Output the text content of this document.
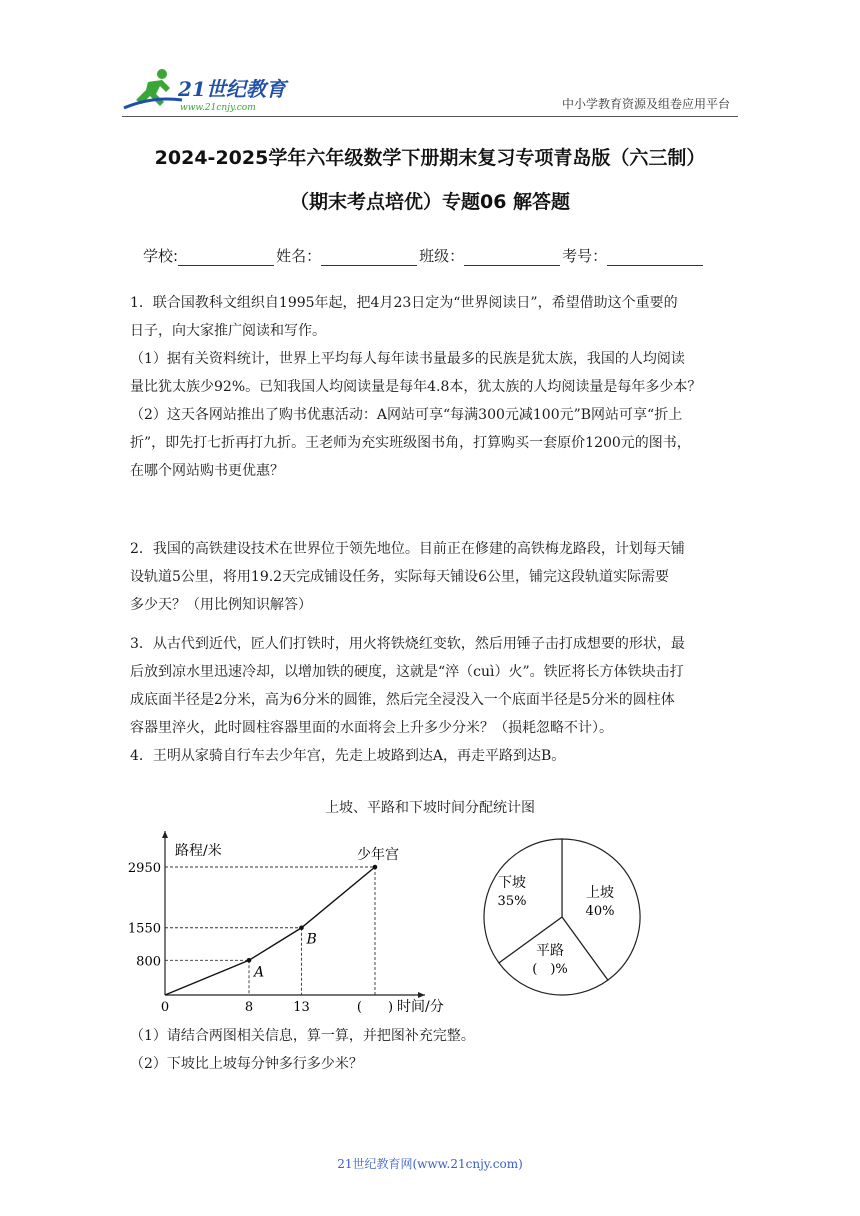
21世纪教育
www.21cnjy.com	中小学教育资源及组卷应用平台
2024-2025学年六年级数学下册期末复习专项青岛版（六三制）
（期末考点培优）专题06 解答题
学校:	姓名：	班级：	考号：
1．联合国教科文组织自1995年起，把4月23日定为“世界阅读日”，希望借助这个重要的
日子，向大家推广阅读和写作。
（1）据有关资料统计，世界上平均每人每年读书量最多的民族是犹太族，我国的人均阅读
量比犹太族少92%。已知我国人均阅读量是每年4.8本，犹太族的人均阅读量是每年多少本？
（2）这天各网站推出了购书优惠活动：A网站可享“每满300元减100元”B网站可享“折上
折”，即先打七折再打九折。王老师为充实班级图书角，打算购买一套原价1200元的图书，
在哪个网站购书更优惠？
2．我国的高铁建设技术在世界位于领先地位。目前正在修建的高铁梅龙路段，计划每天铺
设轨道5公里，将用19.2天完成铺设任务，实际每天铺设6公里，铺完这段轨道实际需要
多少天？（用比例知识解答）
3．从古代到近代，匠人们打铁时，用火将铁烧红变软，然后用锤子击打成想要的形状，最
后放到凉水里迅速冷却，以增加铁的硬度，这就是“淬（cuì）火”。铁匠将长方体铁块击打
成底面半径是2分米，高为6分米的圆锥，然后完全浸没入一个底面半径是5分米的圆柱体
容器里淬火，此时圆柱容器里面的水面将会上升多少分米？（损耗忽略不计）。
4．王明从家骑自行车去少年宫，先走上坡路到达A，再走平路到达B。
上坡、平路和下坡时间分配统计图
路程/米
A
B
少年宫
800
1550
2950
0	8	13	(　　) 时间/分
上坡
40%
平路
(　)%
下坡
35%
（1）请结合两图相关信息，算一算，并把图补充完整。
（2）下坡比上坡每分钟多行多少米？
21世纪教育网(www.21cnjy.com)
